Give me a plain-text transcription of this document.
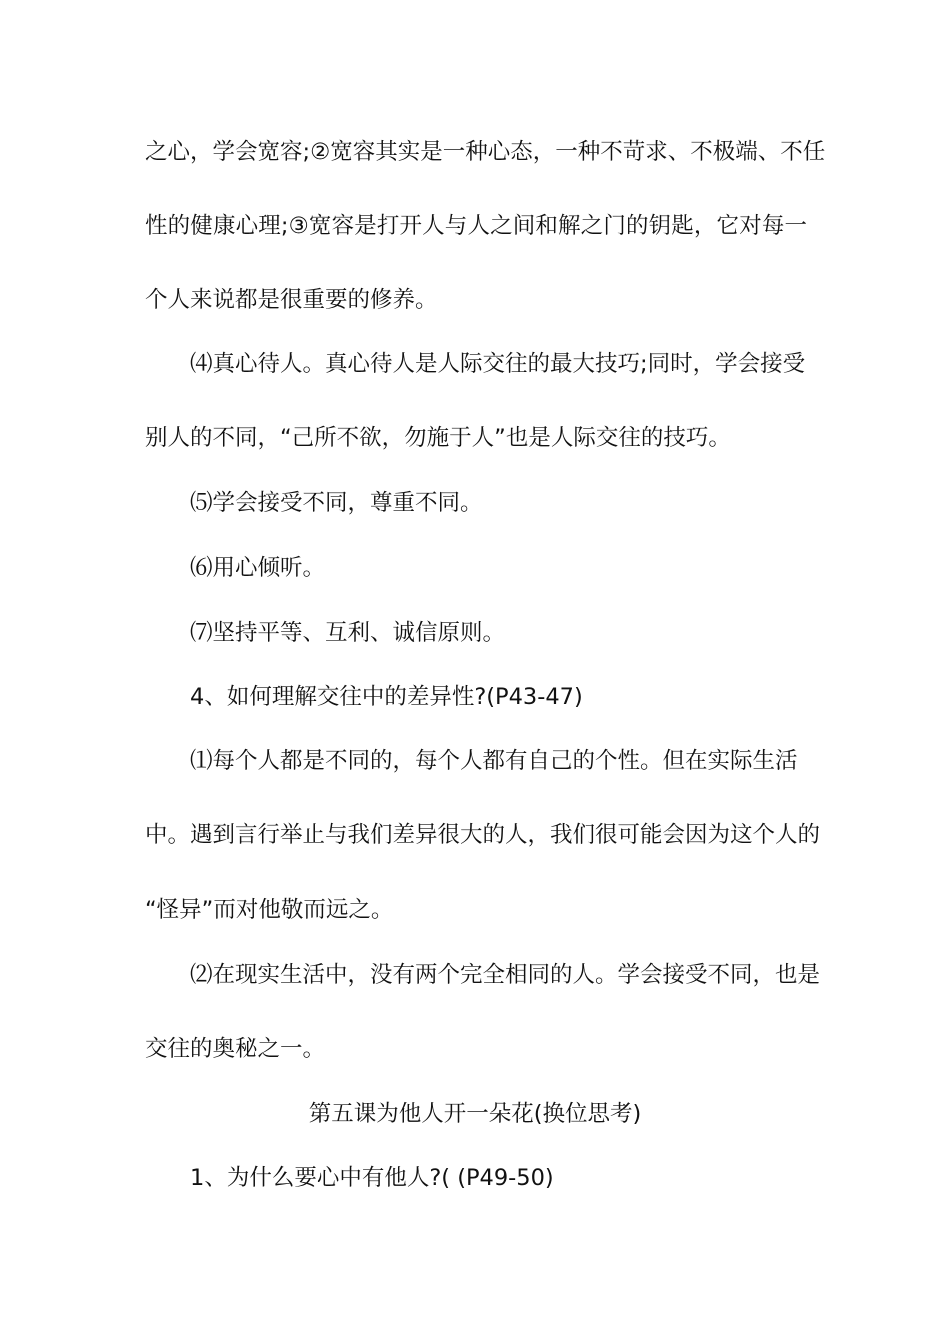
之心，学会宽容;②宽容其实是一种心态，一种不苛求、不极端、不任
性的健康心理;③宽容是打开人与人之间和解之门的钥匙，它对每一
个人来说都是很重要的修养。
⑷真心待人。真心待人是人际交往的最大技巧;同时，学会接受
别人的不同，“己所不欲，勿施于人”也是人际交往的技巧。
⑸学会接受不同，尊重不同。
⑹用心倾听。
⑺坚持平等、互利、诚信原则。
4、如何理解交往中的差异性?(P43-47)
⑴每个人都是不同的，每个人都有自己的个性。但在实际生活
中。遇到言行举止与我们差异很大的人，我们很可能会因为这个人的
“怪异”而对他敬而远之。
⑵在现实生活中，没有两个完全相同的人。学会接受不同，也是
交往的奥秘之一。
第五课为他人开一朵花(换位思考)
1、为什么要心中有他人?( (P49-50)
